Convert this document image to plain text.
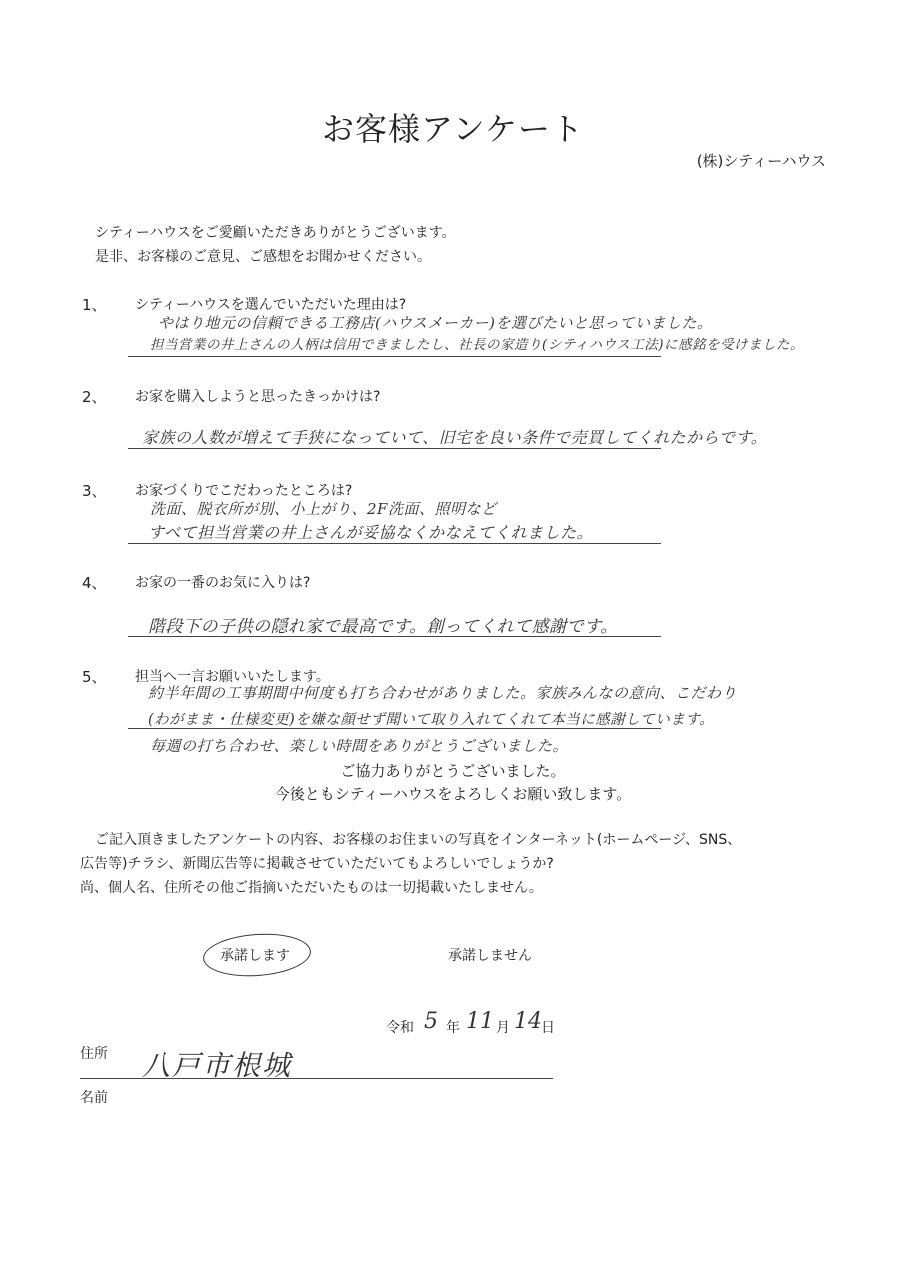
お客様アンケート
(株)シティーハウス
シティーハウスをご愛顧いただきありがとうございます。
是非、お客様のご意見、ご感想をお聞かせください。
1、 シティーハウスを選んでいただいた理由は?
やはり地元の信頼できる工務店(ハウスメーカー)を選びたいと思っていました。
担当営業の井上さんの人柄は信用できましたし、社長の家造り(シティハウス工法)に感銘を受けました。
2、 お家を購入しようと思ったきっかけは?
家族の人数が増えて手狭になっていて、旧宅を良い条件で売買してくれたからです。
3、 お家づくりでこだわったところは?
洗面、脱衣所が別、小上がり、2F洗面、照明など
すべて担当営業の井上さんが妥協なくかなえてくれました。
4、 お家の一番のお気に入りは?
階段下の子供の隠れ家で最高です。創ってくれて感謝です。
5、 担当へ一言お願いいたします。
約半年間の工事期間中何度も打ち合わせがありました。家族みんなの意向、こだわり
(わがまま・仕様変更)を嫌な顔せず聞いて取り入れてくれて本当に感謝しています。
毎週の打ち合わせ、楽しい時間をありがとうございました。
ご協力ありがとうございました。
今後ともシティーハウスをよろしくお願い致します。
ご記入頂きましたアンケートの内容、お客様のお住まいの写真をインターネット(ホームページ、SNS、
広告等)チラシ、新聞広告等に掲載させていただいてもよろしいでしょうか?
尚、個人名、住所その他ご指摘いただいたものは一切掲載いたしません。
承諾します	承諾しません
令和 5 年 11 月 14 日
住所 八戸市根城
名前
